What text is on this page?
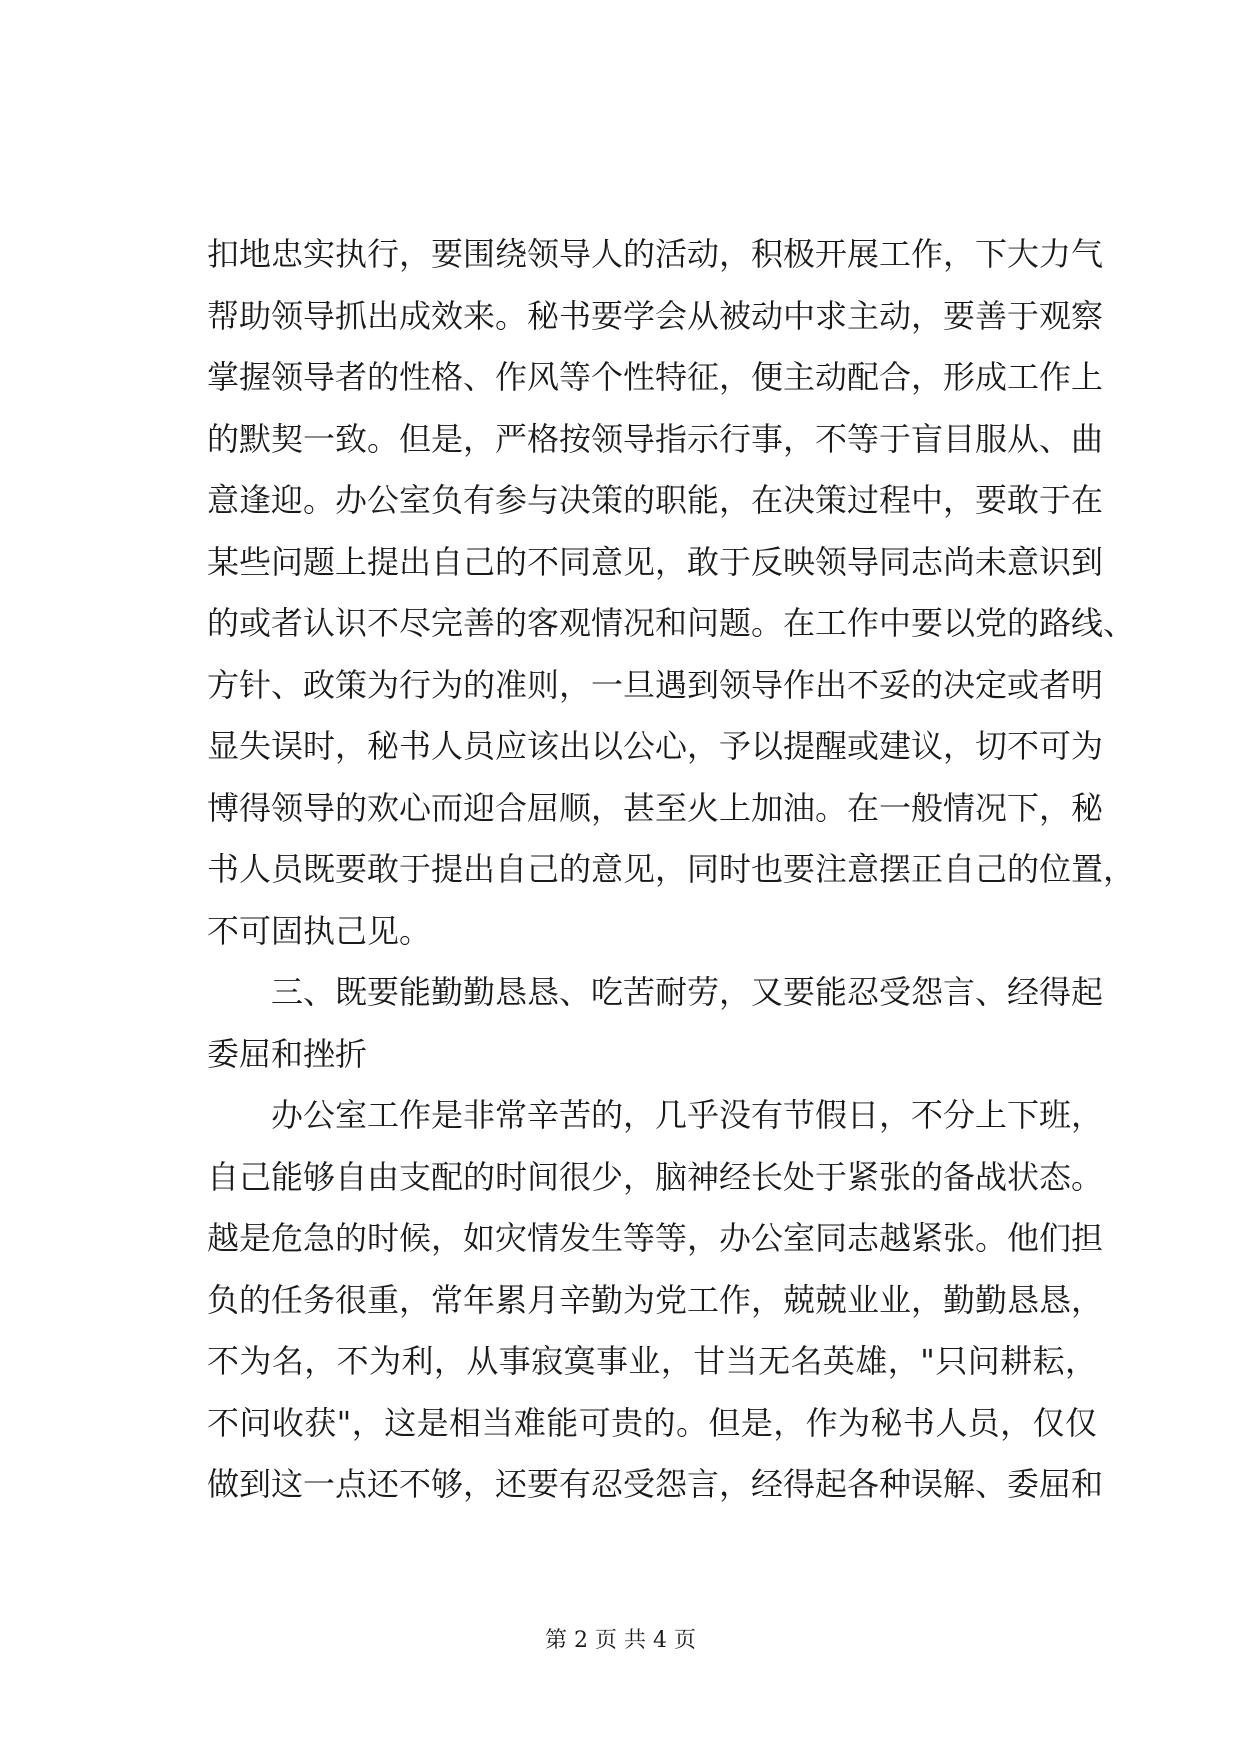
扣地忠实执行，要围绕领导人的活动，积极开展工作，下大力气
帮助领导抓出成效来。秘书要学会从被动中求主动，要善于观察
掌握领导者的性格、作风等个性特征，便主动配合，形成工作上
的默契一致。但是，严格按领导指示行事，不等于盲目服从、曲
意逢迎。办公室负有参与决策的职能，在决策过程中，要敢于在
某些问题上提出自己的不同意见，敢于反映领导同志尚未意识到
的或者认识不尽完善的客观情况和问题。在工作中要以党的路线、
方针、政策为行为的准则，一旦遇到领导作出不妥的决定或者明
显失误时，秘书人员应该出以公心，予以提醒或建议，切不可为
博得领导的欢心而迎合屈顺，甚至火上加油。在一般情况下，秘
书人员既要敢于提出自己的意见，同时也要注意摆正自己的位置，
不可固执己见。
三、既要能勤勤恳恳、吃苦耐劳，又要能忍受怨言、经得起
委屈和挫折
办公室工作是非常辛苦的，几乎没有节假日，不分上下班，
自己能够自由支配的时间很少，脑神经长处于紧张的备战状态。
越是危急的时候，如灾情发生等等，办公室同志越紧张。他们担
负的任务很重，常年累月辛勤为党工作，兢兢业业，勤勤恳恳，
不为名，不为利，从事寂寞事业，甘当无名英雄，"只问耕耘，
不问收获"，这是相当难能可贵的。但是，作为秘书人员，仅仅
做到这一点还不够，还要有忍受怨言，经得起各种误解、委屈和
第 2 页 共 4 页
